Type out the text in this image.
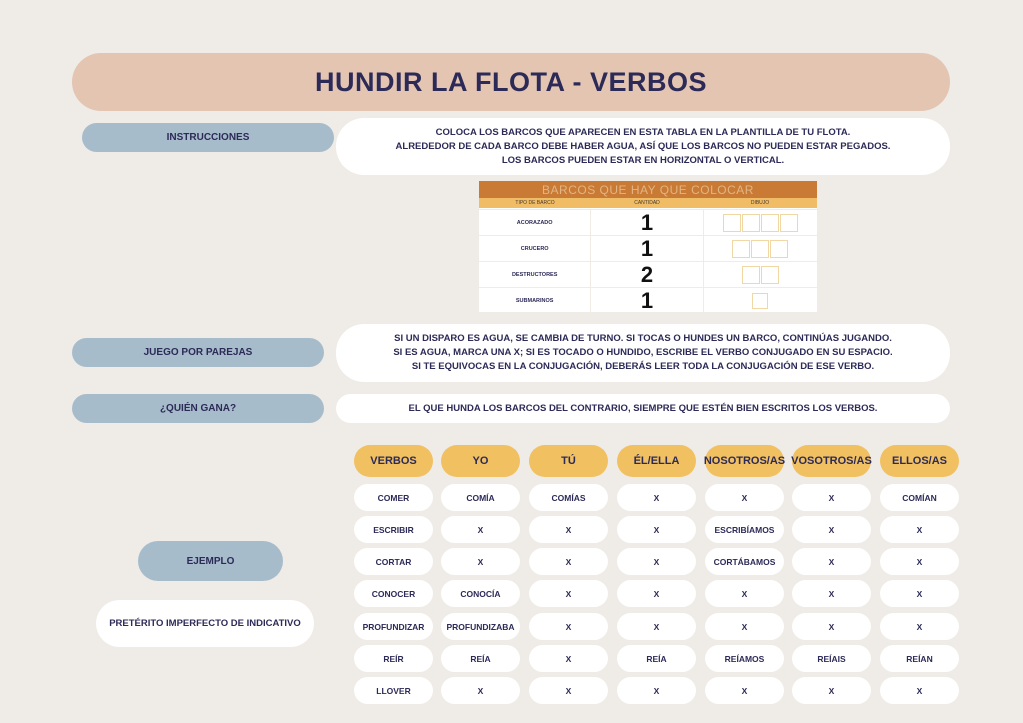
HUNDIR LA FLOTA - VERBOS
INSTRUCCIONES	COLOCA LOS BARCOS QUE APARECEN EN ESTA TABLA EN LA PLANTILLA DE TU FLOTA.
ALREDEDOR DE CADA BARCO DEBE HABER AGUA, ASÍ QUE LOS BARCOS NO PUEDEN ESTAR PEGADOS.
LOS BARCOS PUEDEN ESTAR EN HORIZONTAL O VERTICAL.
BARCOS QUE HAY QUE COLOCAR
TIPO DE BARCO	CANTIDAD	DIBUJO
ACORAZADO	1
CRUCERO	1
DESTRUCTORES	2
SUBMARINOS	1
JUEGO POR PAREJAS
SI UN DISPARO ES AGUA, SE CAMBIA DE TURNO. SI TOCAS O HUNDES UN BARCO, CONTINÚAS JUGANDO.
SI ES AGUA, MARCA UNA X; SI ES TOCADO O HUNDIDO, ESCRIBE EL VERBO CONJUGADO EN SU ESPACIO.
SI TE EQUIVOCAS EN LA CONJUGACIÓN, DEBERÁS LEER TODA LA CONJUGACIÓN DE ESE VERBO.
¿QUIÉN GANA?	EL QUE HUNDA LOS BARCOS DEL CONTRARIO, SIEMPRE QUE ESTÉN BIEN ESCRITOS LOS VERBOS.
EJEMPLO
PRETÉRITO IMPERFECTO DE INDICATIVO
VERBOS	YO	TÚ	ÉL/ELLA	NOSOTROS/AS VOSOTROS/AS	ELLOS/AS
COMER	COMÍA	COMÍAS	X	X	X	COMÍAN
ESCRIBIR	X	X	X	ESCRIBÍAMOS	X	X
CORTAR	X	X	X	CORTÁBAMOS	X	X
CONOCER	CONOCÍA	X	X	X	X	X
PROFUNDIZAR	PROFUNDIZABA	X	X	X	X	X
REÍR	REÍA	X	REÍA	REÍAMOS	REÍAIS	REÍAN
LLOVER	X	X	X	X	X	X
